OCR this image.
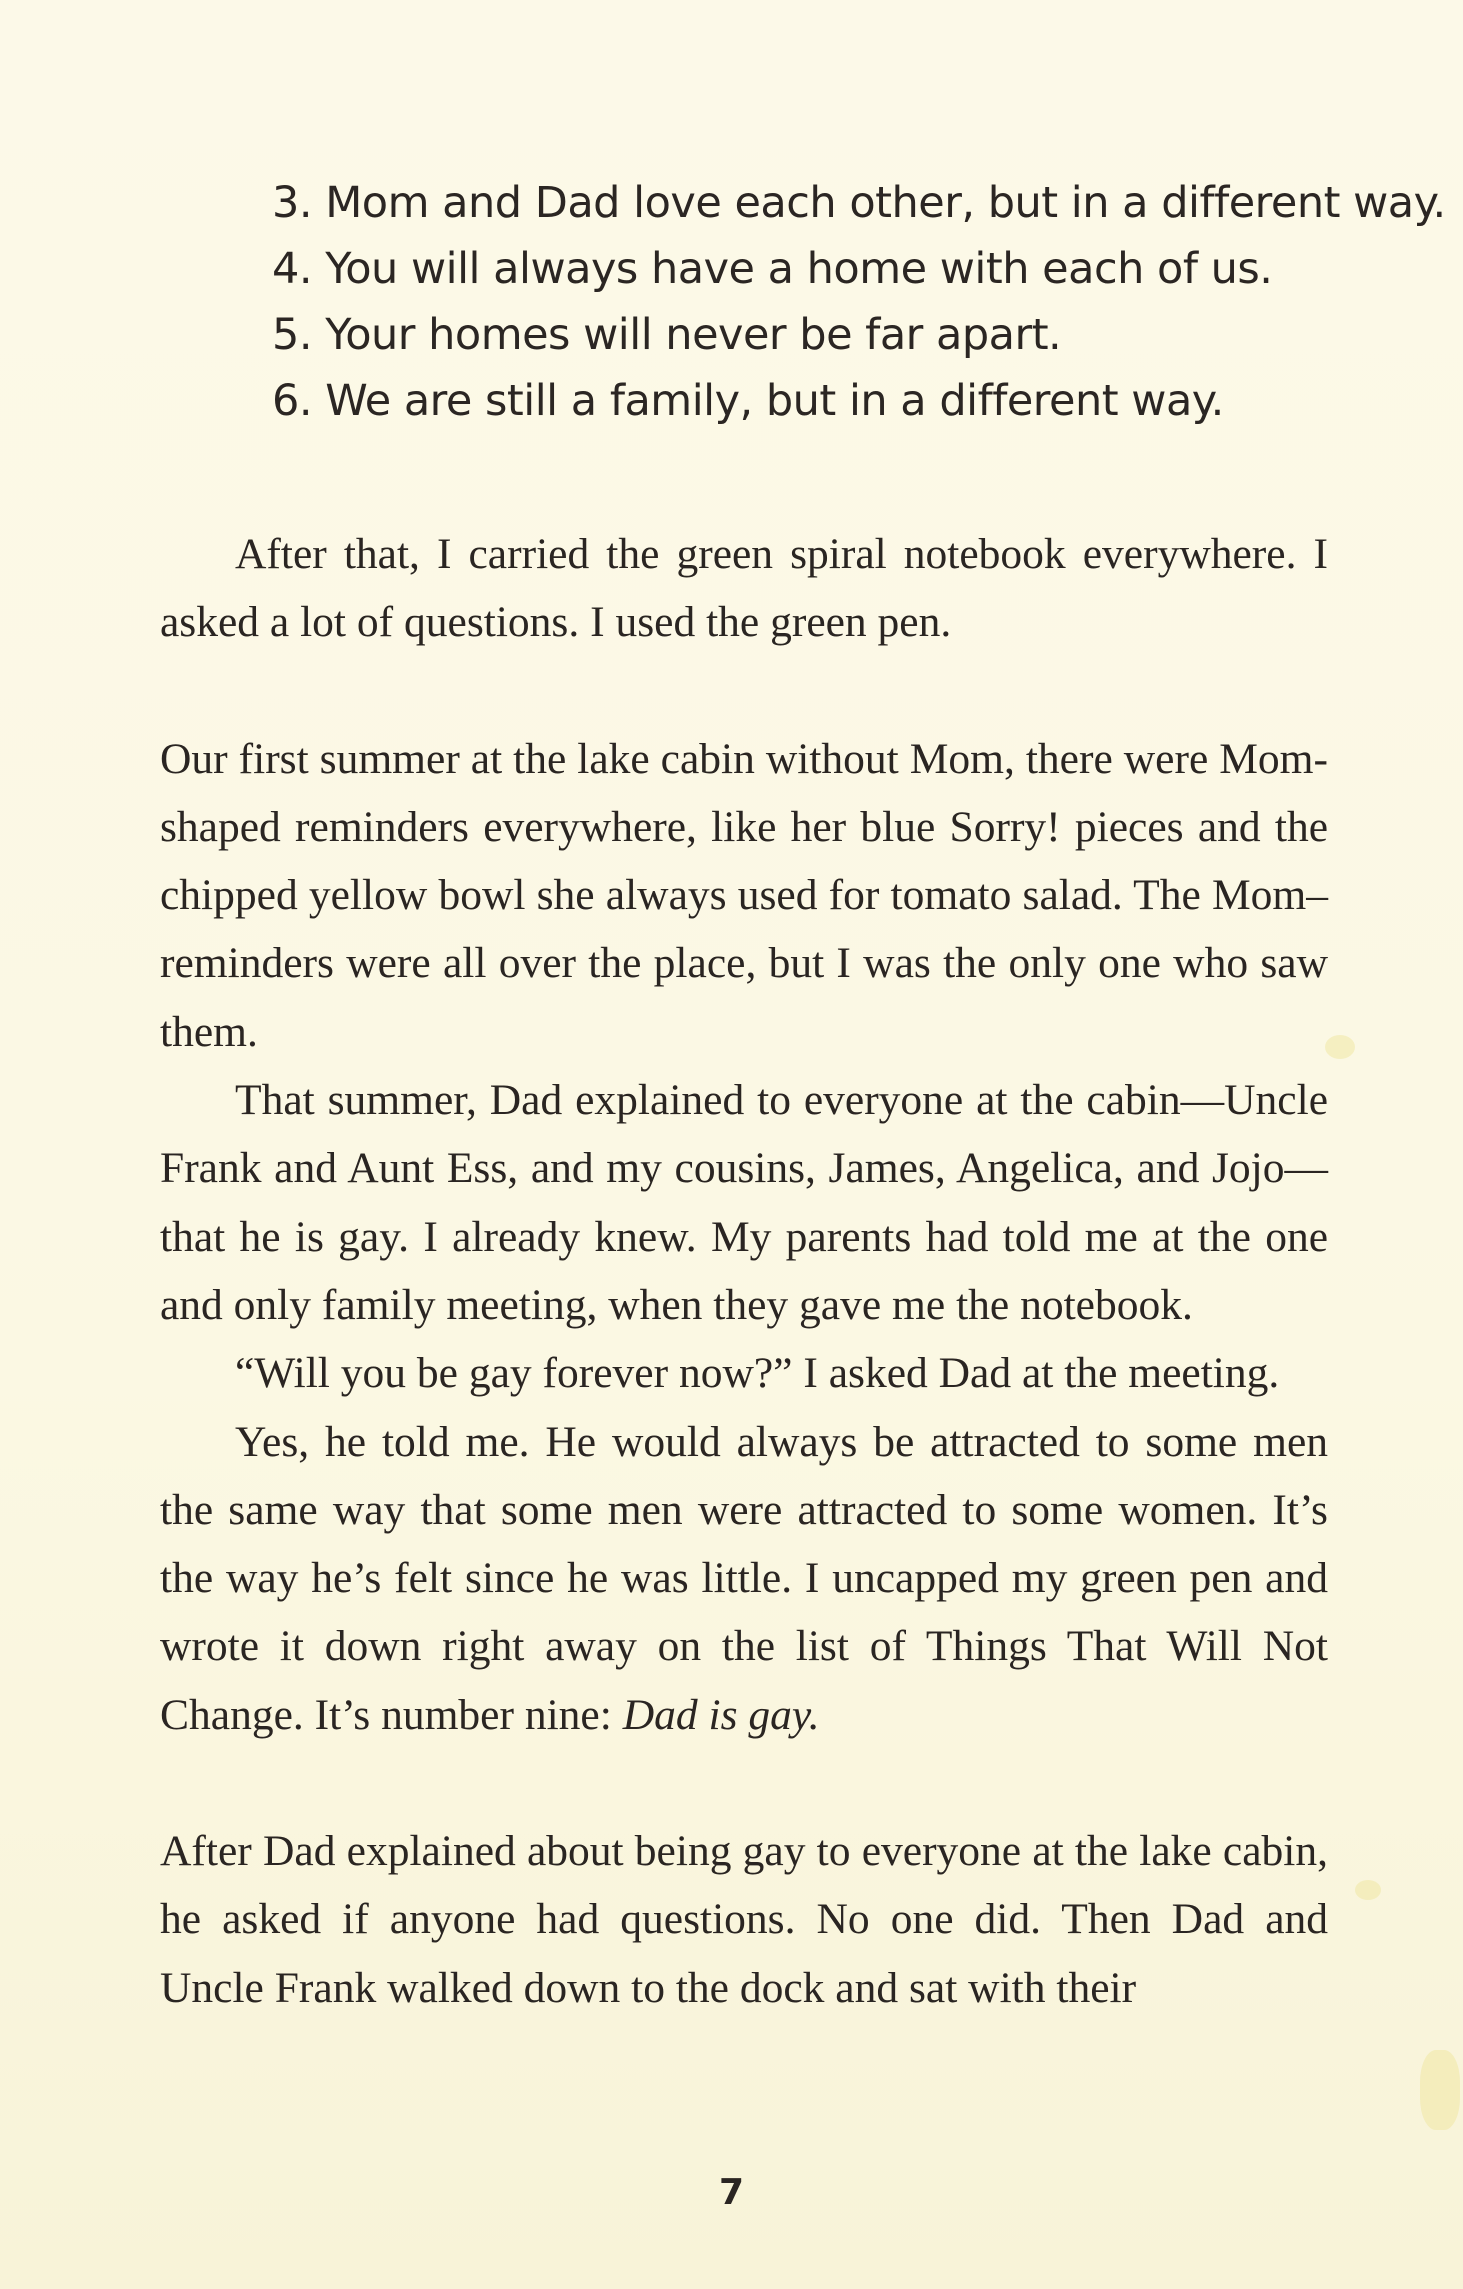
3. Mom and Dad love each other, but in a different way.
4. You will always have a home with each of us.
5. Your homes will never be far apart.
6. We are still a family, but in a different way.

After that, I carried the green spiral notebook everywhere. I asked a lot of questions. I used the green pen.

Our first summer at the lake cabin without Mom, there were Mom-shaped reminders everywhere, like her blue Sorry! pieces and the chipped yellow bowl she always used for tomato salad. The Mom–reminders were all over the place, but I was the only one who saw them.

That summer, Dad explained to everyone at the cabin—Uncle Frank and Aunt Ess, and my cousins, James, Angelica, and Jojo—that he is gay. I already knew. My parents had told me at the one and only family meeting, when they gave me the notebook.

“Will you be gay forever now?” I asked Dad at the meeting.

Yes, he told me. He would always be attracted to some men the same way that some men were attracted to some women. It’s the way he’s felt since he was little. I uncapped my green pen and wrote it down right away on the list of Things That Will Not Change. It’s number nine: Dad is gay.

After Dad explained about being gay to everyone at the lake cabin, he asked if anyone had questions. No one did. Then Dad and Uncle Frank walked down to the dock and sat with their

7
